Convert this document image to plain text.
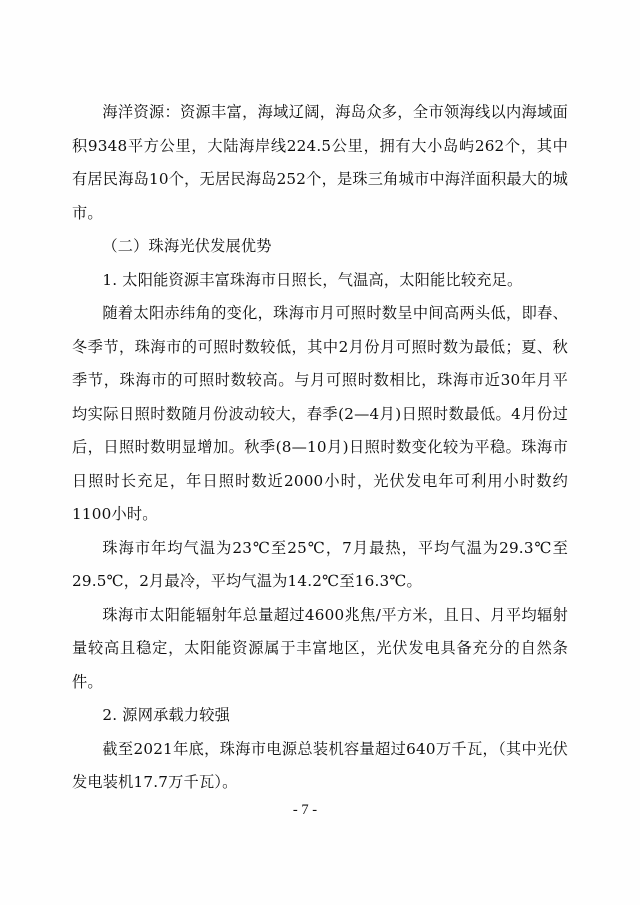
海洋资源：资源丰富，海域辽阔，海岛众多，全市领海线以内海域面积9348平方公里，大陆海岸线224.5公里，拥有大小岛屿262个，其中有居民海岛10个，无居民海岛252个，是珠三角城市中海洋面积最大的城市。

（二）珠海光伏发展优势

1. 太阳能资源丰富珠海市日照长，气温高，太阳能比较充足。

随着太阳赤纬角的变化，珠海市月可照时数呈中间高两头低，即春、冬季节，珠海市的可照时数较低，其中2月份月可照时数为最低；夏、秋季节，珠海市的可照时数较高。与月可照时数相比，珠海市近30年月平均实际日照时数随月份波动较大，春季(2—4月)日照时数最低。4月份过后，日照时数明显增加。秋季(8—10月)日照时数变化较为平稳。珠海市日照时长充足，年日照时数近2000小时，光伏发电年可利用小时数约1100小时。

珠海市年均气温为23℃至25℃，7月最热，平均气温为29.3℃至29.5℃，2月最冷，平均气温为14.2℃至16.3℃。

珠海市太阳能辐射年总量超过4600兆焦/平方米，且日、月平均辐射量较高且稳定，太阳能资源属于丰富地区，光伏发电具备充分的自然条件。

2. 源网承载力较强

截至2021年底，珠海市电源总装机容量超过640万千瓦，（其中光伏发电装机17.7万千瓦）。

- 7 -
